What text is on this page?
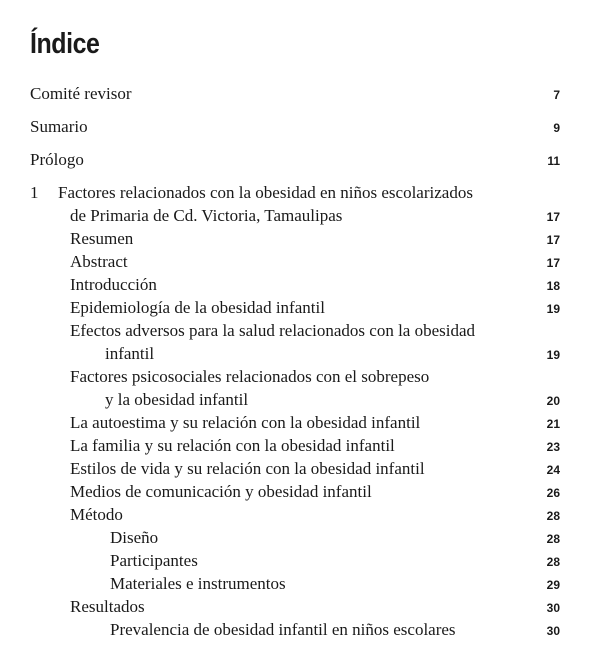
Índice
Comité revisor	7
Sumario	9
Prólogo	11
1 Factores relacionados con la obesidad en niños escolarizados
de Primaria de Cd. Victoria, Tamaulipas	17
Resumen	17
Abstract	17
Introducción	18
Epidemiología de la obesidad infantil	19
Efectos adversos para la salud relacionados con la obesidad
infantil	19
Factores psicosociales relacionados con el sobrepeso
y la obesidad infantil	20
La autoestima y su relación con la obesidad infantil	21
La familia y su relación con la obesidad infantil	23
Estilos de vida y su relación con la obesidad infantil	24
Medios de comunicación y obesidad infantil	26
Método	28
Diseño	28
Participantes	28
Materiales e instrumentos	29
Resultados	30
Prevalencia de obesidad infantil en niños escolares	30
